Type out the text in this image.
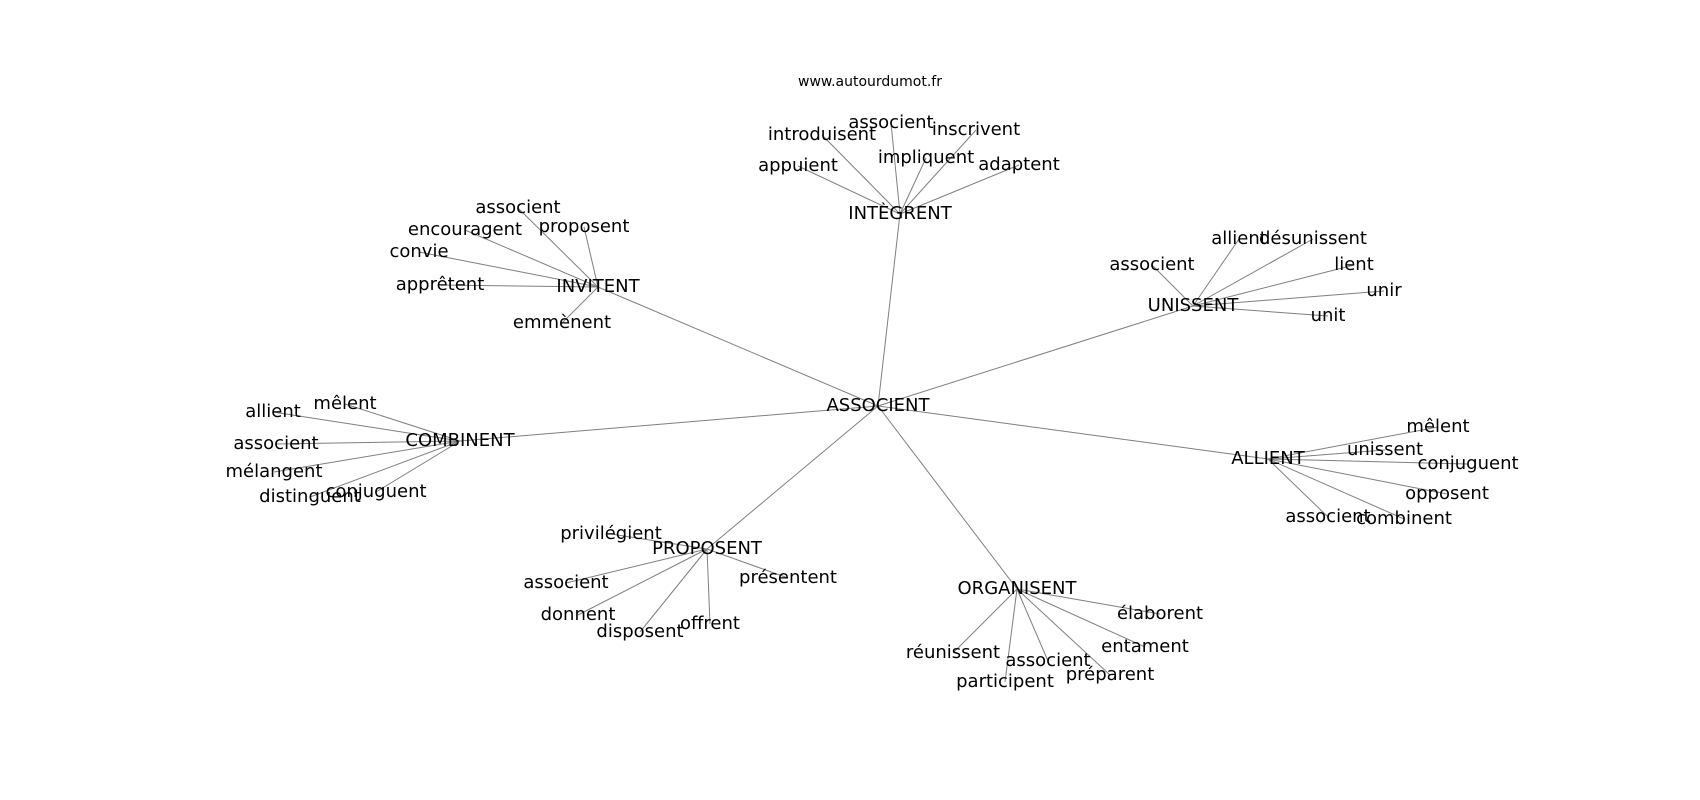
www.autourdumot.fr
introduisent
associent
inscrivent
appuient impliquent adaptent
INTÈGRENT
associent
allient
désunissent
lient
unir
unit
UNISSENT
mêlent
unissent
conjuguent
opposent
associent
combinent
ALLIENT
élaborent
entament
réunissent associent
préparent
participent
ORGANISENT
privilégient
présentent
associent
donnent
disposent
offrent
PROPOSENT
mêlent
allient
associent
mélangent
distinguent
conjuguent
COMBINENT
associent
proposent
encouragent
convie
apprêtent
emmènent
INVITENT
ASSOCIENT
